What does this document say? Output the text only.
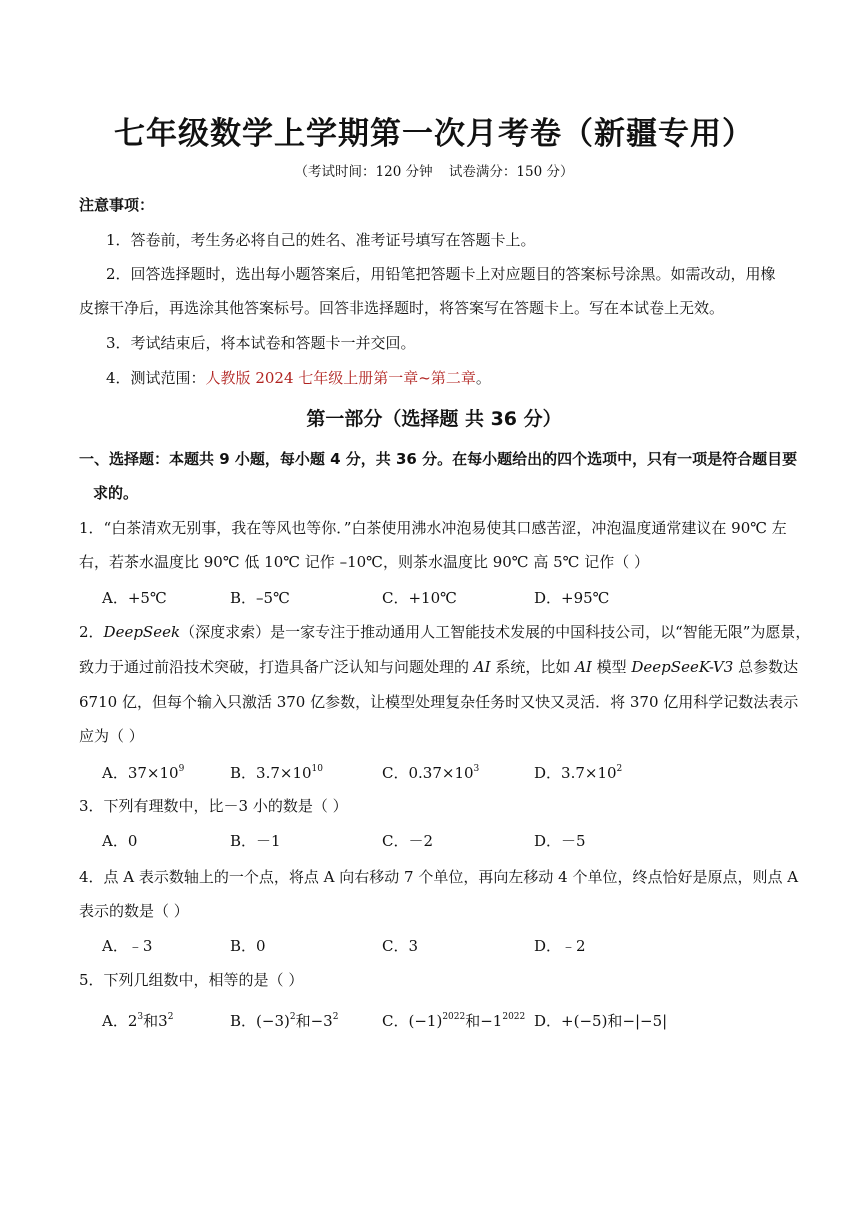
七年级数学上学期第一次月考卷（新疆专用）
（考试时间：120 分钟 试卷满分：150 分）
注意事项：
1．答卷前，考生务必将自己的姓名、准考证号填写在答题卡上。
2．回答选择题时，选出每小题答案后，用铅笔把答题卡上对应题目的答案标号涂黑。如需改动，用橡
皮擦干净后，再选涂其他答案标号。回答非选择题时，将答案写在答题卡上。写在本试卷上无效。
3．考试结束后，将本试卷和答题卡一并交回。
4．测试范围：人教版 2024 七年级上册第一章~第二章。
第一部分（选择题 共 36 分）
一、选择题：本题共 9 小题，每小题 4 分，共 36 分。在每小题给出的四个选项中，只有一项是符合题目要
求的。
1．“白茶清欢无别事，我在等风也等你．”白茶使用沸水冲泡易使其口感苦涩，冲泡温度通常建议在 90℃ 左
右，若茶水温度比 90℃ 低 10℃ 记作 –10℃，则茶水温度比 90℃ 高 5℃ 记作（ ）
A．+5℃	B．–5℃	C．+10℃	D．+95℃
2．DeepSeek（深度求索）是一家专注于推动通用人工智能技术发展的中国科技公司，以“智能无限”为愿景，
致力于通过前沿技术突破，打造具备广泛认知与问题处理的 AI 系统，比如 AI 模型 DeepSeeK-V3 总参数达
6710 亿，但每个输入只激活 370 亿参数，让模型处理复杂任务时又快又灵活．将 370 亿用科学记数法表示
应为（ ）
A．$37\times 10^9$	B．$3.7\times 10^{10}$	C．$0.37\times 10^3$	D．$3.7\times 10^2$
3．下列有理数中，比－3 小的数是（ ）
A．0	B．－1	C．－2	D．－5
4．点 A 表示数轴上的一个点，将点 A 向右移动 7 个单位，再向左移动 4 个单位，终点恰好是原点，则点 A
表示的数是（ ）
A．﹣3	B．0	C．3	D．﹣2
5．下列几组数中，相等的是（ ）
A．$2^3$和$3^2$	B．$(-3)^2$和$-3^2$	C．$(-1)^{2022}$和$-1^{2022}$ D．+(−5)和−|−5|
